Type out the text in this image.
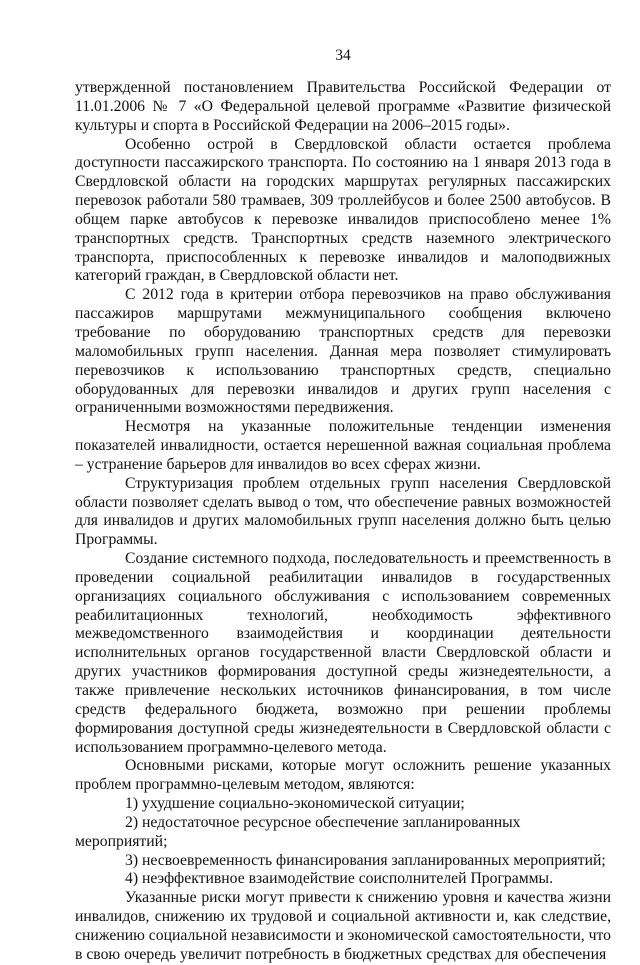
34

утвержденной постановлением Правительства Российской Федерации от 11.01.2006 № 7 «О Федеральной целевой программе «Развитие физической культуры и спорта в Российской Федерации на 2006–2015 годы».

Особенно острой в Свердловской области остается проблема доступности пассажирского транспорта. По состоянию на 1 января 2013 года в Свердловской области на городских маршрутах регулярных пассажирских перевозок работали 580 трамваев, 309 троллейбусов и более 2500 автобусов. В общем парке автобусов к перевозке инвалидов приспособлено менее 1% транспортных средств. Транспортных средств наземного электрического транспорта, приспособленных к перевозке инвалидов и малоподвижных категорий граждан, в Свердловской области нет.

С 2012 года в критерии отбора перевозчиков на право обслуживания пассажиров маршрутами межмуниципального сообщения включено требование по оборудованию транспортных средств для перевозки маломобильных групп населения. Данная мера позволяет стимулировать перевозчиков к использованию транспортных средств, специально оборудованных для перевозки инвалидов и других групп населения с ограниченными возможностями передвижения.

Несмотря на указанные положительные тенденции изменения показателей инвалидности, остается нерешенной важная социальная проблема – устранение барьеров для инвалидов во всех сферах жизни.

Структуризация проблем отдельных групп населения Свердловской области позволяет сделать вывод о том, что обеспечение равных возможностей для инвалидов и других маломобильных групп населения должно быть целью Программы.

Создание системного подхода, последовательность и преемственность в проведении социальной реабилитации инвалидов в государственных организациях социального обслуживания с использованием современных реабилитационных технологий, необходимость эффективного межведомственного взаимодействия и координации деятельности исполнительных органов государственной власти Свердловской области и других участников формирования доступной среды жизнедеятельности, а также привлечение нескольких источников финансирования, в том числе средств федерального бюджета, возможно при решении проблемы формирования доступной среды жизнедеятельности в Свердловской области с использованием программно-целевого метода.

Основными рисками, которые могут осложнить решение указанных проблем программно-целевым методом, являются:

1) ухудшение социально-экономической ситуации;

2) недостаточное ресурсное обеспечение запланированных мероприятий;

3) несвоевременность финансирования запланированных мероприятий;

4) неэффективное взаимодействие соисполнителей Программы.

Указанные риски могут привести к снижению уровня и качества жизни инвалидов, снижению их трудовой и социальной активности и, как следствие, снижению социальной независимости и экономической самостоятельности, что в свою очередь увеличит потребность в бюджетных средствах для обеспечения
